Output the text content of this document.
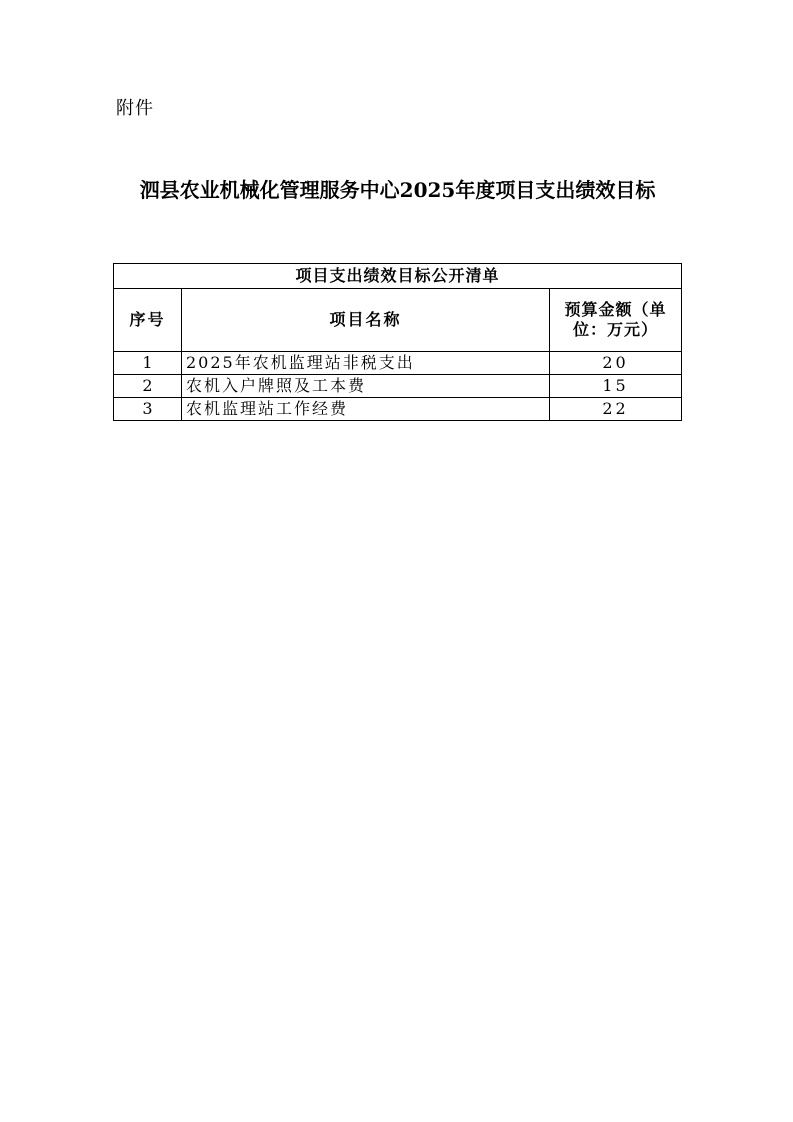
附件
泗县农业机械化管理服务中心2025年度项目支出绩效目标
项目支出绩效目标公开清单		
序号	项目名称	预算金额（单位：万元）
1	2025年农机监理站非税支出	20
2	农机入户牌照及工本费	15
3	农机监理站工作经费	22
